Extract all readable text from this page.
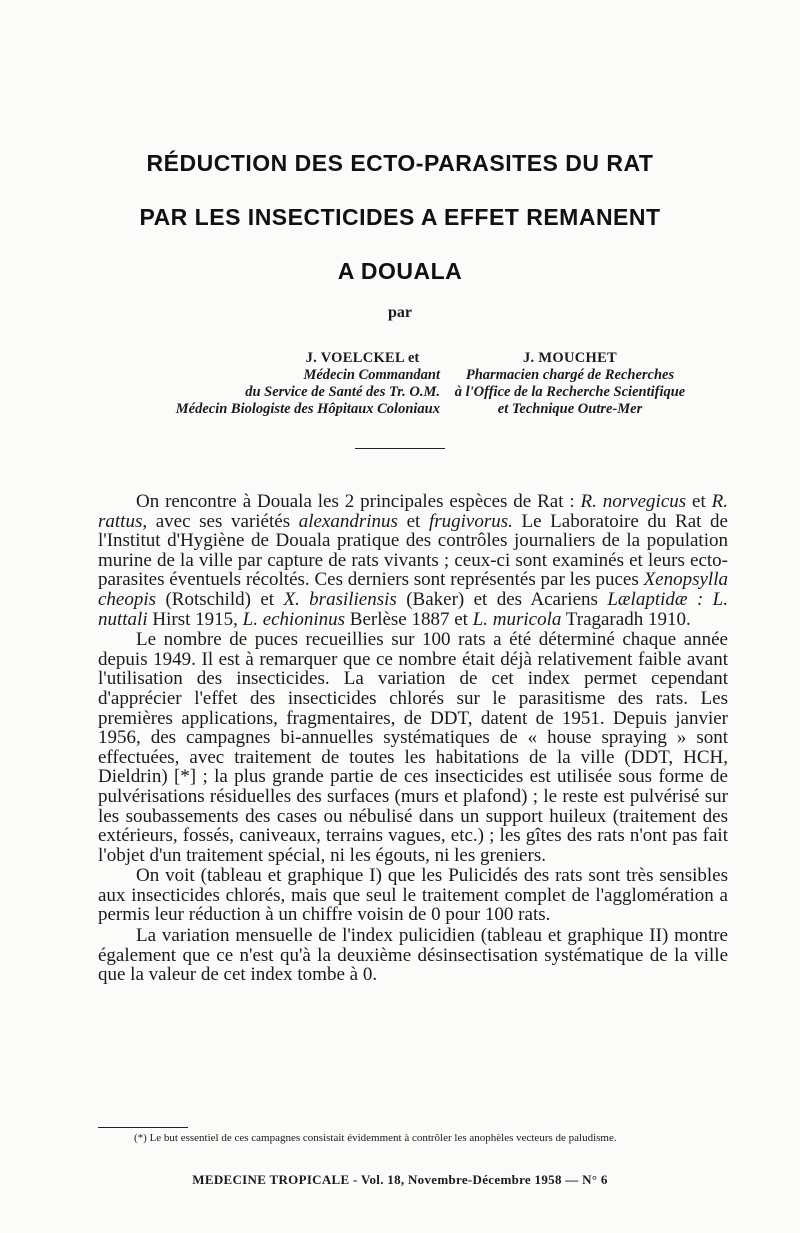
RÉDUCTION DES ECTO-PARASITES DU RAT
PAR LES INSECTICIDES A EFFET REMANENT
A DOUALA
par
J. VOELCKEL
Médecin Commandant
du Service de Santé des Tr. O.M.
Médecin Biologiste des Hôpitaux Coloniaux
et	J. MOUCHET
Pharmacien chargé de Recherches
à l'Office de la Recherche Scientifique
et Technique Outre-Mer

On rencontre à Douala les 2 principales espèces de Rat : R. norvegicus et R. rattus, avec ses variétés alexandrinus et frugivorus. Le Laboratoire du Rat de l'Institut d'Hygiène de Douala pratique des contrôles journaliers de la population murine de la ville par capture de rats vivants ; ceux-ci sont examinés et leurs ecto-parasites éventuels récoltés. Ces derniers sont représentés par les puces Xenopsylla cheopis (Rotschild) et X. brasiliensis (Baker) et des Acariens Lælaptidæ : L. nuttali Hirst 1915, L. echioninus Berlèse 1887 et L. muricola Tragaradh 1910.

Le nombre de puces recueillies sur 100 rats a été déterminé chaque année depuis 1949. Il est à remarquer que ce nombre était déjà relativement faible avant l'utilisation des insecticides. La variation de cet index permet cependant d'apprécier l'effet des insecticides chlorés sur le parasitisme des rats. Les premières applications, fragmentaires, de DDT, datent de 1951. Depuis janvier 1956, des campagnes bi-annuelles systématiques de « house spraying » sont effectuées, avec traitement de toutes les habitations de la ville (DDT, HCH, Dieldrin) [*] ; la plus grande partie de ces insecticides est utilisée sous forme de pulvérisations résiduelles des surfaces (murs et plafond) ; le reste est pulvérisé sur les soubassements des cases ou nébulisé dans un support huileux (traitement des extérieurs, fossés, caniveaux, terrains vagues, etc.) ; les gîtes des rats n'ont pas fait l'objet d'un traitement spécial, ni les égouts, ni les greniers.

On voit (tableau et graphique I) que les Pulicidés des rats sont très sensibles aux insecticides chlorés, mais que seul le traitement complet de l'agglomération a permis leur réduction à un chiffre voisin de 0 pour 100 rats.

La variation mensuelle de l'index pulicidien (tableau et graphique II) montre également que ce n'est qu'à la deuxième désinsectisation systématique de la ville que la valeur de cet index tombe à 0.

(*) Le but essentiel de ces campagnes consistait évidemment à contrôler les anophèles vecteurs de paludisme.
MEDECINE TROPICALE - Vol. 18, Novembre-Décembre 1958 — N° 6
